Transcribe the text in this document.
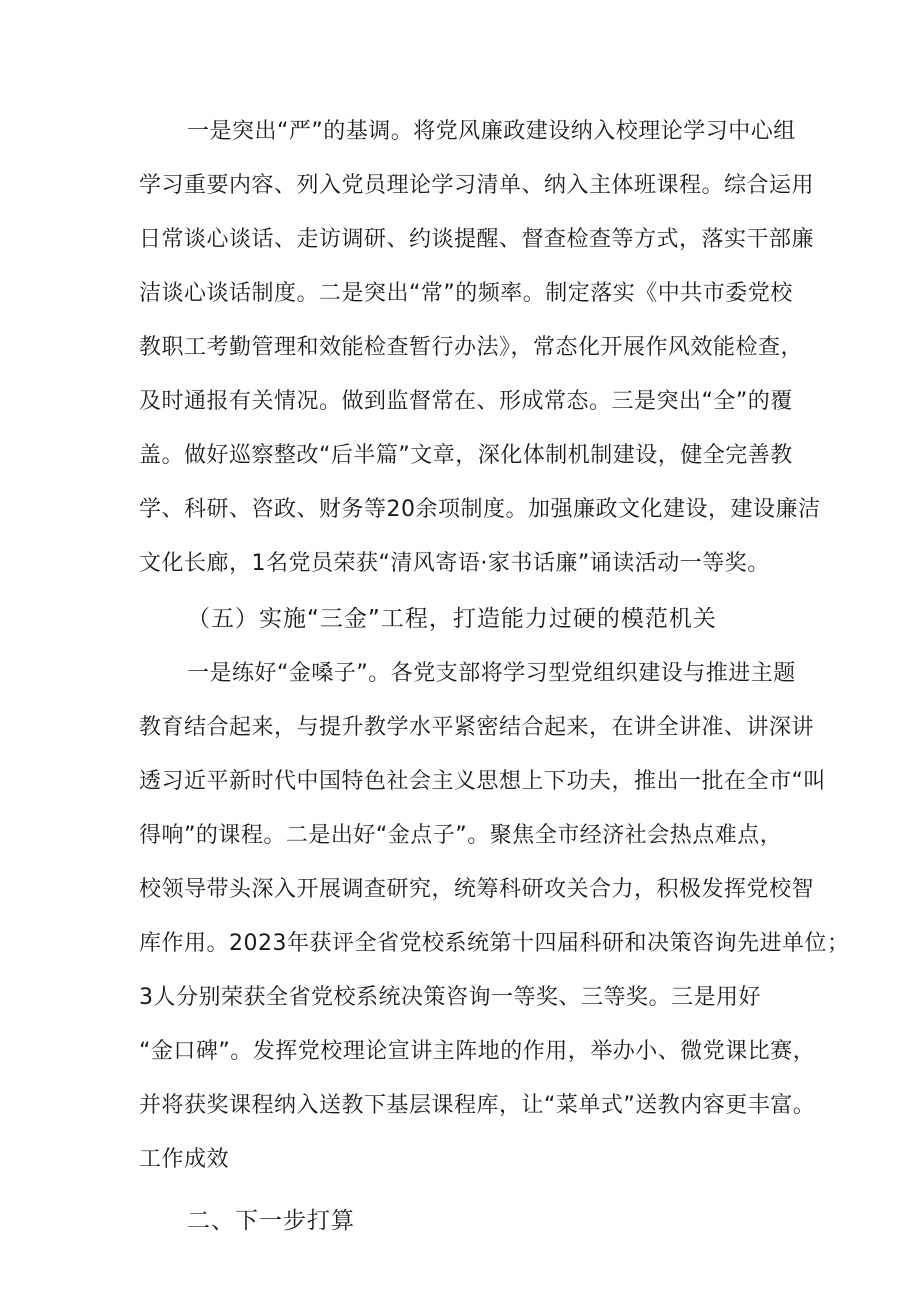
一是突出“严”的基调。将党风廉政建设纳入校理论学习中心组
学习重要内容、列入党员理论学习清单、纳入主体班课程。综合运用
日常谈心谈话、走访调研、约谈提醒、督查检查等方式，落实干部廉
洁谈心谈话制度。二是突出“常”的频率。制定落实《中共市委党校
教职工考勤管理和效能检查暂行办法》，常态化开展作风效能检查，
及时通报有关情况。做到监督常在、形成常态。三是突出“全”的覆
盖。做好巡察整改“后半篇”文章，深化体制机制建设，健全完善教
学、科研、咨政、财务等20余项制度。加强廉政文化建设，建设廉洁
文化长廊，1名党员荣获“清风寄语·家书话廉”诵读活动一等奖。
（五）实施“三金”工程，打造能力过硬的模范机关
一是练好“金嗓子”。各党支部将学习型党组织建设与推进主题
教育结合起来，与提升教学水平紧密结合起来，在讲全讲准、讲深讲
透习近平新时代中国特色社会主义思想上下功夫，推出一批在全市“叫
得响”的课程。二是出好“金点子”。聚焦全市经济社会热点难点，
校领导带头深入开展调查研究，统筹科研攻关合力，积极发挥党校智
库作用。2023年获评全省党校系统第十四届科研和决策咨询先进单位；
3人分别荣获全省党校系统决策咨询一等奖、三等奖。三是用好
“金口碑”。发挥党校理论宣讲主阵地的作用，举办小、微党课比赛，
并将获奖课程纳入送教下基层课程库，让“菜单式”送教内容更丰富。
工作成效
二、下一步打算
